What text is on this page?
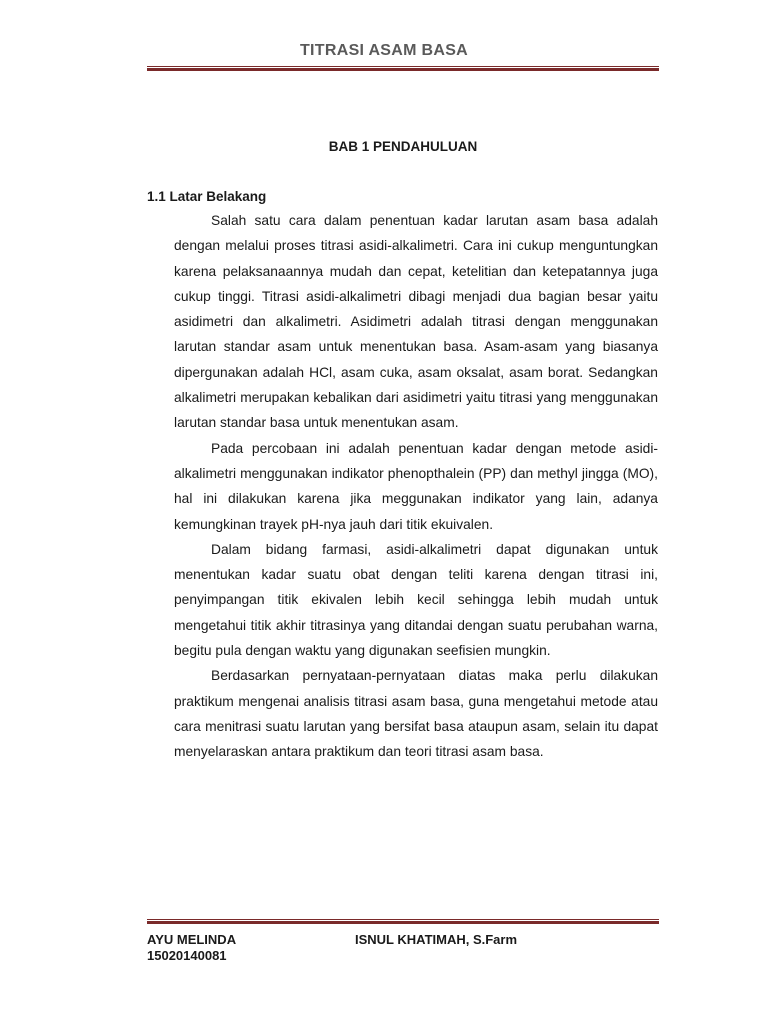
TITRASI ASAM BASA
BAB 1 PENDAHULUAN
1.1 Latar Belakang

Salah satu cara dalam penentuan kadar larutan asam basa adalah dengan melalui proses titrasi asidi-alkalimetri. Cara ini cukup menguntungkan karena pelaksanaannya mudah dan cepat, ketelitian dan ketepatannya juga cukup tinggi. Titrasi asidi-alkalimetri dibagi menjadi dua bagian besar yaitu asidimetri dan alkalimetri. Asidimetri adalah titrasi dengan menggunakan larutan standar asam untuk menentukan basa. Asam-asam yang biasanya dipergunakan adalah HCl, asam cuka, asam oksalat, asam borat. Sedangkan alkalimetri merupakan kebalikan dari asidimetri yaitu titrasi yang menggunakan larutan standar basa untuk menentukan asam.

Pada percobaan ini adalah penentuan kadar dengan metode asidi-alkalimetri menggunakan indikator phenopthalein (PP) dan methyl jingga (MO), hal ini dilakukan karena jika meggunakan indikator yang lain, adanya kemungkinan trayek pH-nya jauh dari titik ekuivalen.

Dalam bidang farmasi, asidi-alkalimetri dapat digunakan untuk menentukan kadar suatu obat dengan teliti karena dengan titrasi ini, penyimpangan titik ekivalen lebih kecil sehingga lebih mudah untuk mengetahui titik akhir titrasinya yang ditandai dengan suatu perubahan warna, begitu pula dengan waktu yang digunakan seefisien mungkin.

Berdasarkan pernyataan-pernyataan diatas maka perlu dilakukan praktikum mengenai analisis titrasi asam basa, guna mengetahui metode atau cara menitrasi suatu larutan yang bersifat basa ataupun asam, selain itu dapat menyelaraskan antara praktikum dan teori titrasi asam basa.

AYU MELINDA
15020140081
ISNUL KHATIMAH, S.Farm
